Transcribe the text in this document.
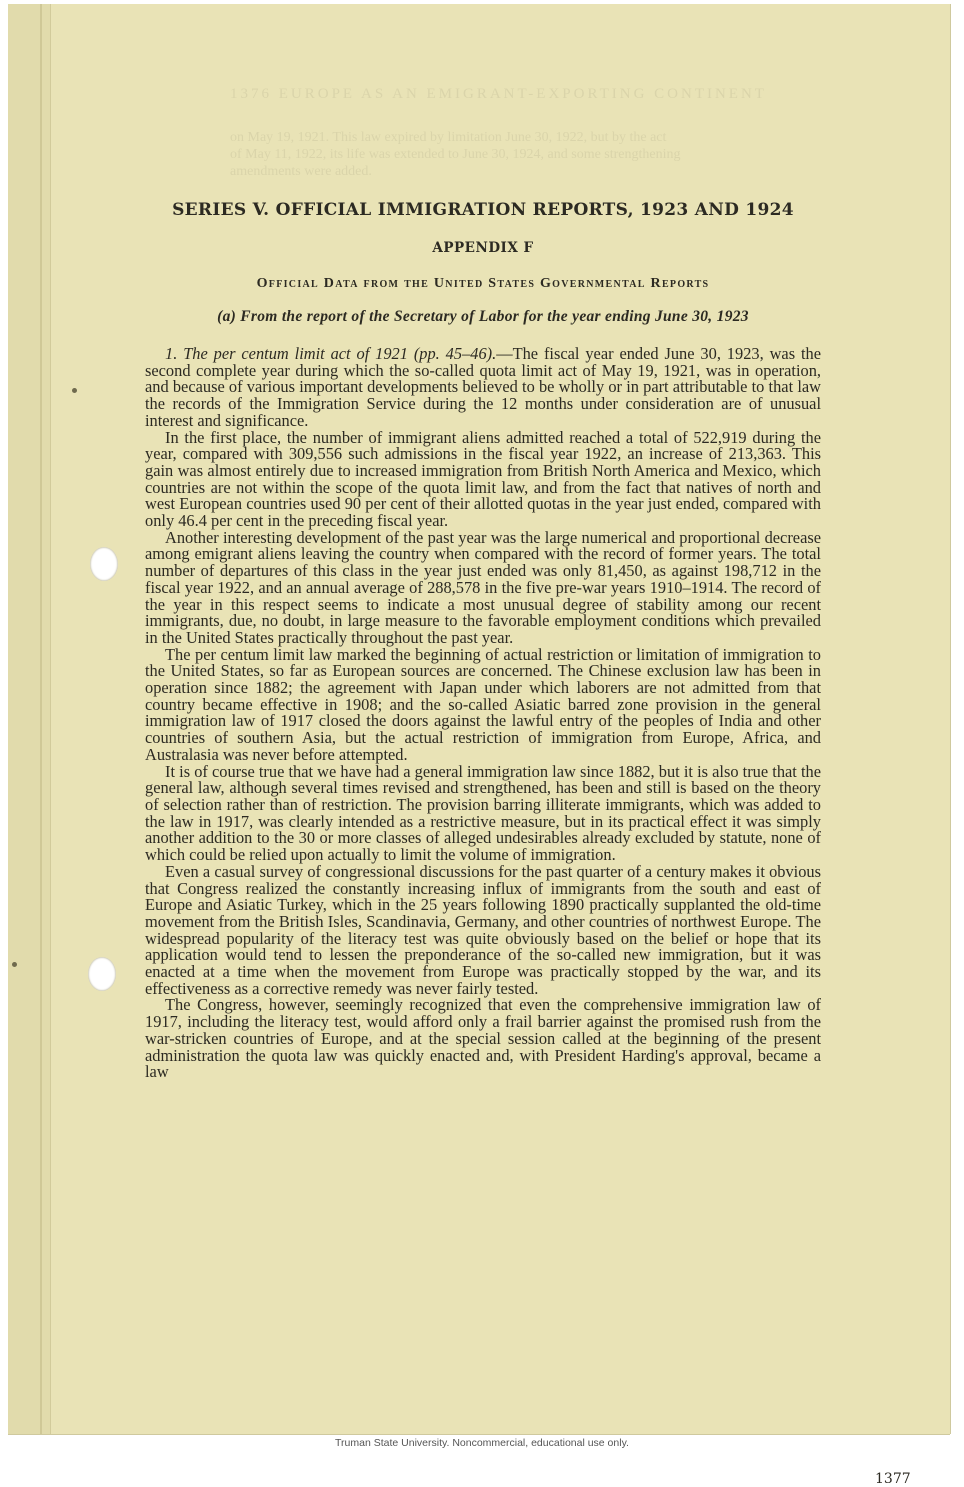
1376 EUROPE AS AN EMIGRANT-EXPORTING CONTINENT
on May 19, 1921. This law expired by limitation June 30, 1922, but by the act
of May 11, 1922, its life was extended to June 30, 1924, and some strengthening
amendments were added.
SERIES V. OFFICIAL IMMIGRATION REPORTS, 1923 AND 1924
APPENDIX F
Official Data from the United States Governmental Reports
(a) From the report of the Secretary of Labor for the year ending June 30, 1923

1. The per centum limit act of 1921 (pp. 45–46).—The fiscal year ended June 30, 1923, was the second complete year during which the so-called quota limit act of May 19, 1921, was in operation, and because of various important developments believed to be wholly or in part attributable to that law the records of the Immigration Service during the 12 months under consideration are of unusual interest and significance.

In the first place, the number of immigrant aliens admitted reached a total of 522,919 during the year, compared with 309,556 such admissions in the fiscal year 1922, an increase of 213,363. This gain was almost entirely due to increased immigration from British North America and Mexico, which countries are not within the scope of the quota limit law, and from the fact that natives of north and west European countries used 90 per cent of their allotted quotas in the year just ended, compared with only 46.4 per cent in the preceding fiscal year.

Another interesting development of the past year was the large numerical and proportional decrease among emigrant aliens leaving the country when compared with the record of former years. The total number of departures of this class in the year just ended was only 81,450, as against 198,712 in the fiscal year 1922, and an annual average of 288,578 in the five pre-war years 1910–1914. The record of the year in this respect seems to indicate a most unusual degree of stability among our recent immigrants, due, no doubt, in large measure to the favorable employment conditions which prevailed in the United States practically throughout the past year.

The per centum limit law marked the beginning of actual restriction or limitation of immigration to the United States, so far as European sources are concerned. The Chinese exclusion law has been in operation since 1882; the agreement with Japan under which laborers are not admitted from that country became effective in 1908; and the so-called Asiatic barred zone provision in the general immigration law of 1917 closed the doors against the lawful entry of the peoples of India and other countries of southern Asia, but the actual restriction of immigration from Europe, Africa, and Australasia was never before attempted.

It is of course true that we have had a general immigration law since 1882, but it is also true that the general law, although several times revised and strengthened, has been and still is based on the theory of selection rather than of restriction. The provision barring illiterate immigrants, which was added to the law in 1917, was clearly intended as a restrictive measure, but in its practical effect it was simply another addition to the 30 or more classes of alleged undesirables already excluded by statute, none of which could be relied upon actually to limit the volume of immigration.

Even a casual survey of congressional discussions for the past quarter of a century makes it obvious that Congress realized the constantly increasing influx of immigrants from the south and east of Europe and Asiatic Turkey, which in the 25 years following 1890 practically supplanted the old-time movement from the British Isles, Scandinavia, Germany, and other countries of northwest Europe. The widespread popularity of the literacy test was quite obviously based on the belief or hope that its application would tend to lessen the preponderance of the so-called new immigration, but it was enacted at a time when the movement from Europe was practically stopped by the war, and its effectiveness as a corrective remedy was never fairly tested.

The Congress, however, seemingly recognized that even the comprehensive immigration law of 1917, including the literacy test, would afford only a frail barrier against the promised rush from the war-stricken countries of Europe, and at the special session called at the beginning of the present administration the quota law was quickly enacted and, with President Harding's approval, became a law

1377

Truman State University. Noncommercial, educational use only.
